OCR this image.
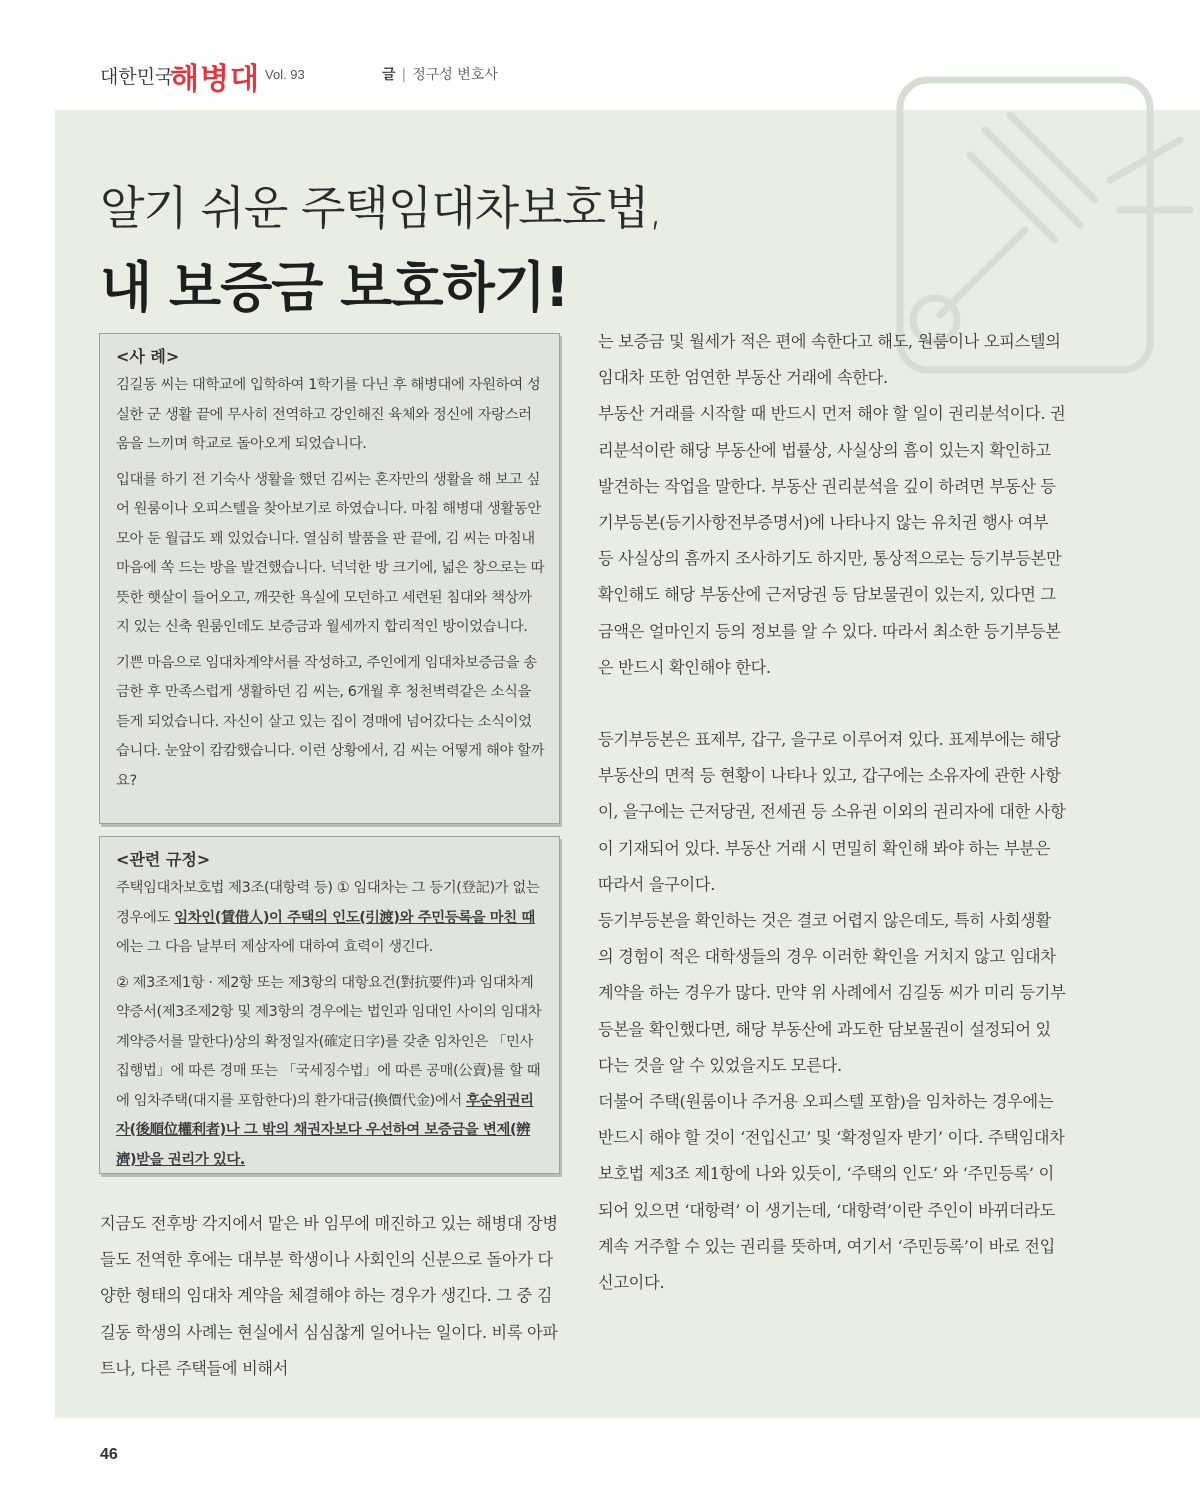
대한민국
해병대 Vol. 93	글 | 정구성 변호사
알기 쉬운 주택임대차보호법,
내 보증금 보호하기!
<사 례>

김길동 씨는 대학교에 입학하여 1학기를 다닌 후 해병대에 자원하여 성실한 군 생활 끝에 무사히 전역하고 강인해진 육체와 정신에 자랑스러움을 느끼며 학교로 돌아오게 되었습니다.

입대를 하기 전 기숙사 생활을 했던 김씨는 혼자만의 생활을 해 보고 싶어 원룸이나 오피스텔을 찾아보기로 하였습니다. 마침 해병대 생활동안 모아 둔 월급도 꽤 있었습니다. 열심히 발품을 판 끝에, 김 씨는 마침내 마음에 쏙 드는 방을 발견했습니다. 넉넉한 방 크기에, 넓은 창으로는 따뜻한 햇살이 들어오고, 깨끗한 욕실에 모던하고 세련된 침대와 책상까지 있는 신축 원룸인데도 보증금과 월세까지 합리적인 방이었습니다.

기쁜 마음으로 임대차계약서를 작성하고, 주인에게 임대차보증금을 송금한 후 만족스럽게 생활하던 김 씨는, 6개월 후 청천벽력같은 소식을 듣게 되었습니다. 자신이 살고 있는 집이 경매에 넘어갔다는 소식이었습니다. 눈앞이 캄캄했습니다. 이런 상황에서, 김 씨는 어떻게 해야 할까요?

<관련 규정>

주택임대차보호법 제3조(대항력 등) ① 임대차는 그 등기(登記)가 없는 경우에도 임차인(賃借人)이 주택의 인도(引渡)와 주민등록을 마친 때에는 그 다음 날부터 제삼자에 대하여 효력이 생긴다.

② 제3조제1항 · 제2항 또는 제3항의 대항요건(對抗要件)과 임대차계약증서(제3조제2항 및 제3항의 경우에는 법인과 임대인 사이의 임대차계약증서를 말한다)상의 확정일자(確定日字)를 갖춘 임차인은 「민사집행법」에 따른 경매 또는 「국세징수법」에 따른 공매(公賣)를 할 때에 임차주택(대지를 포함한다)의 환가대금(換價代金)에서 후순위권리자(後順位權利者)나 그 밖의 채권자보다 우선하여 보증금을 변제(辨濟)받을 권리가 있다.

지금도 전후방 각지에서 맡은 바 임무에 매진하고 있는 해병대 장병들도 전역한 후에는 대부분 학생이나 사회인의 신분으로 돌아가 다양한 형태의 임대차 계약을 체결해야 하는 경우가 생긴다. 그 중 김길동 학생의 사례는 현실에서 심심찮게 일어나는 일이다. 비록 아파트나, 다른 주택들에 비해서

는 보증금 및 월세가 적은 편에 속한다고 해도, 원룸이나 오피스텔의 임대차 또한 엄연한 부동산 거래에 속한다.

부동산 거래를 시작할 때 반드시 먼저 해야 할 일이 권리분석이다. 권리분석이란 해당 부동산에 법률상, 사실상의 흠이 있는지 확인하고 발견하는 작업을 말한다. 부동산 권리분석을 깊이 하려면 부동산 등기부등본(등기사항전부증명서)에 나타나지 않는 유치권 행사 여부 등 사실상의 흠까지 조사하기도 하지만, 통상적으로는 등기부등본만 확인해도 해당 부동산에 근저당권 등 담보물권이 있는지, 있다면 그 금액은 얼마인지 등의 정보를 알 수 있다. 따라서 최소한 등기부등본은 반드시 확인해야 한다.

등기부등본은 표제부, 갑구, 을구로 이루어져 있다. 표제부에는 해당 부동산의 면적 등 현황이 나타나 있고, 갑구에는 소유자에 관한 사항이, 을구에는 근저당권, 전세권 등 소유권 이외의 권리자에 대한 사항이 기재되어 있다. 부동산 거래 시 면밀히 확인해 봐야 하는 부분은 따라서 을구이다.

등기부등본을 확인하는 것은 결코 어렵지 않은데도, 특히 사회생활의 경험이 적은 대학생들의 경우 이러한 확인을 거치지 않고 임대차계약을 하는 경우가 많다. 만약 위 사례에서 김길동 씨가 미리 등기부등본을 확인했다면, 해당 부동산에 과도한 담보물권이 설정되어 있다는 것을 알 수 있었을지도 모른다.

더불어 주택(원룸이나 주거용 오피스텔 포함)을 임차하는 경우에는 반드시 해야 할 것이 ‘전입신고’ 및 ‘확정일자 받기’ 이다. 주택임대차보호법 제3조 제1항에 나와 있듯이, ‘주택의 인도’ 와 ‘주민등록’ 이 되어 있으면 ‘대항력’ 이 생기는데, ‘대항력’이란 주인이 바뀌더라도 계속 거주할 수 있는 권리를 뜻하며, 여기서 ‘주민등록’이 바로 전입신고이다.

46
